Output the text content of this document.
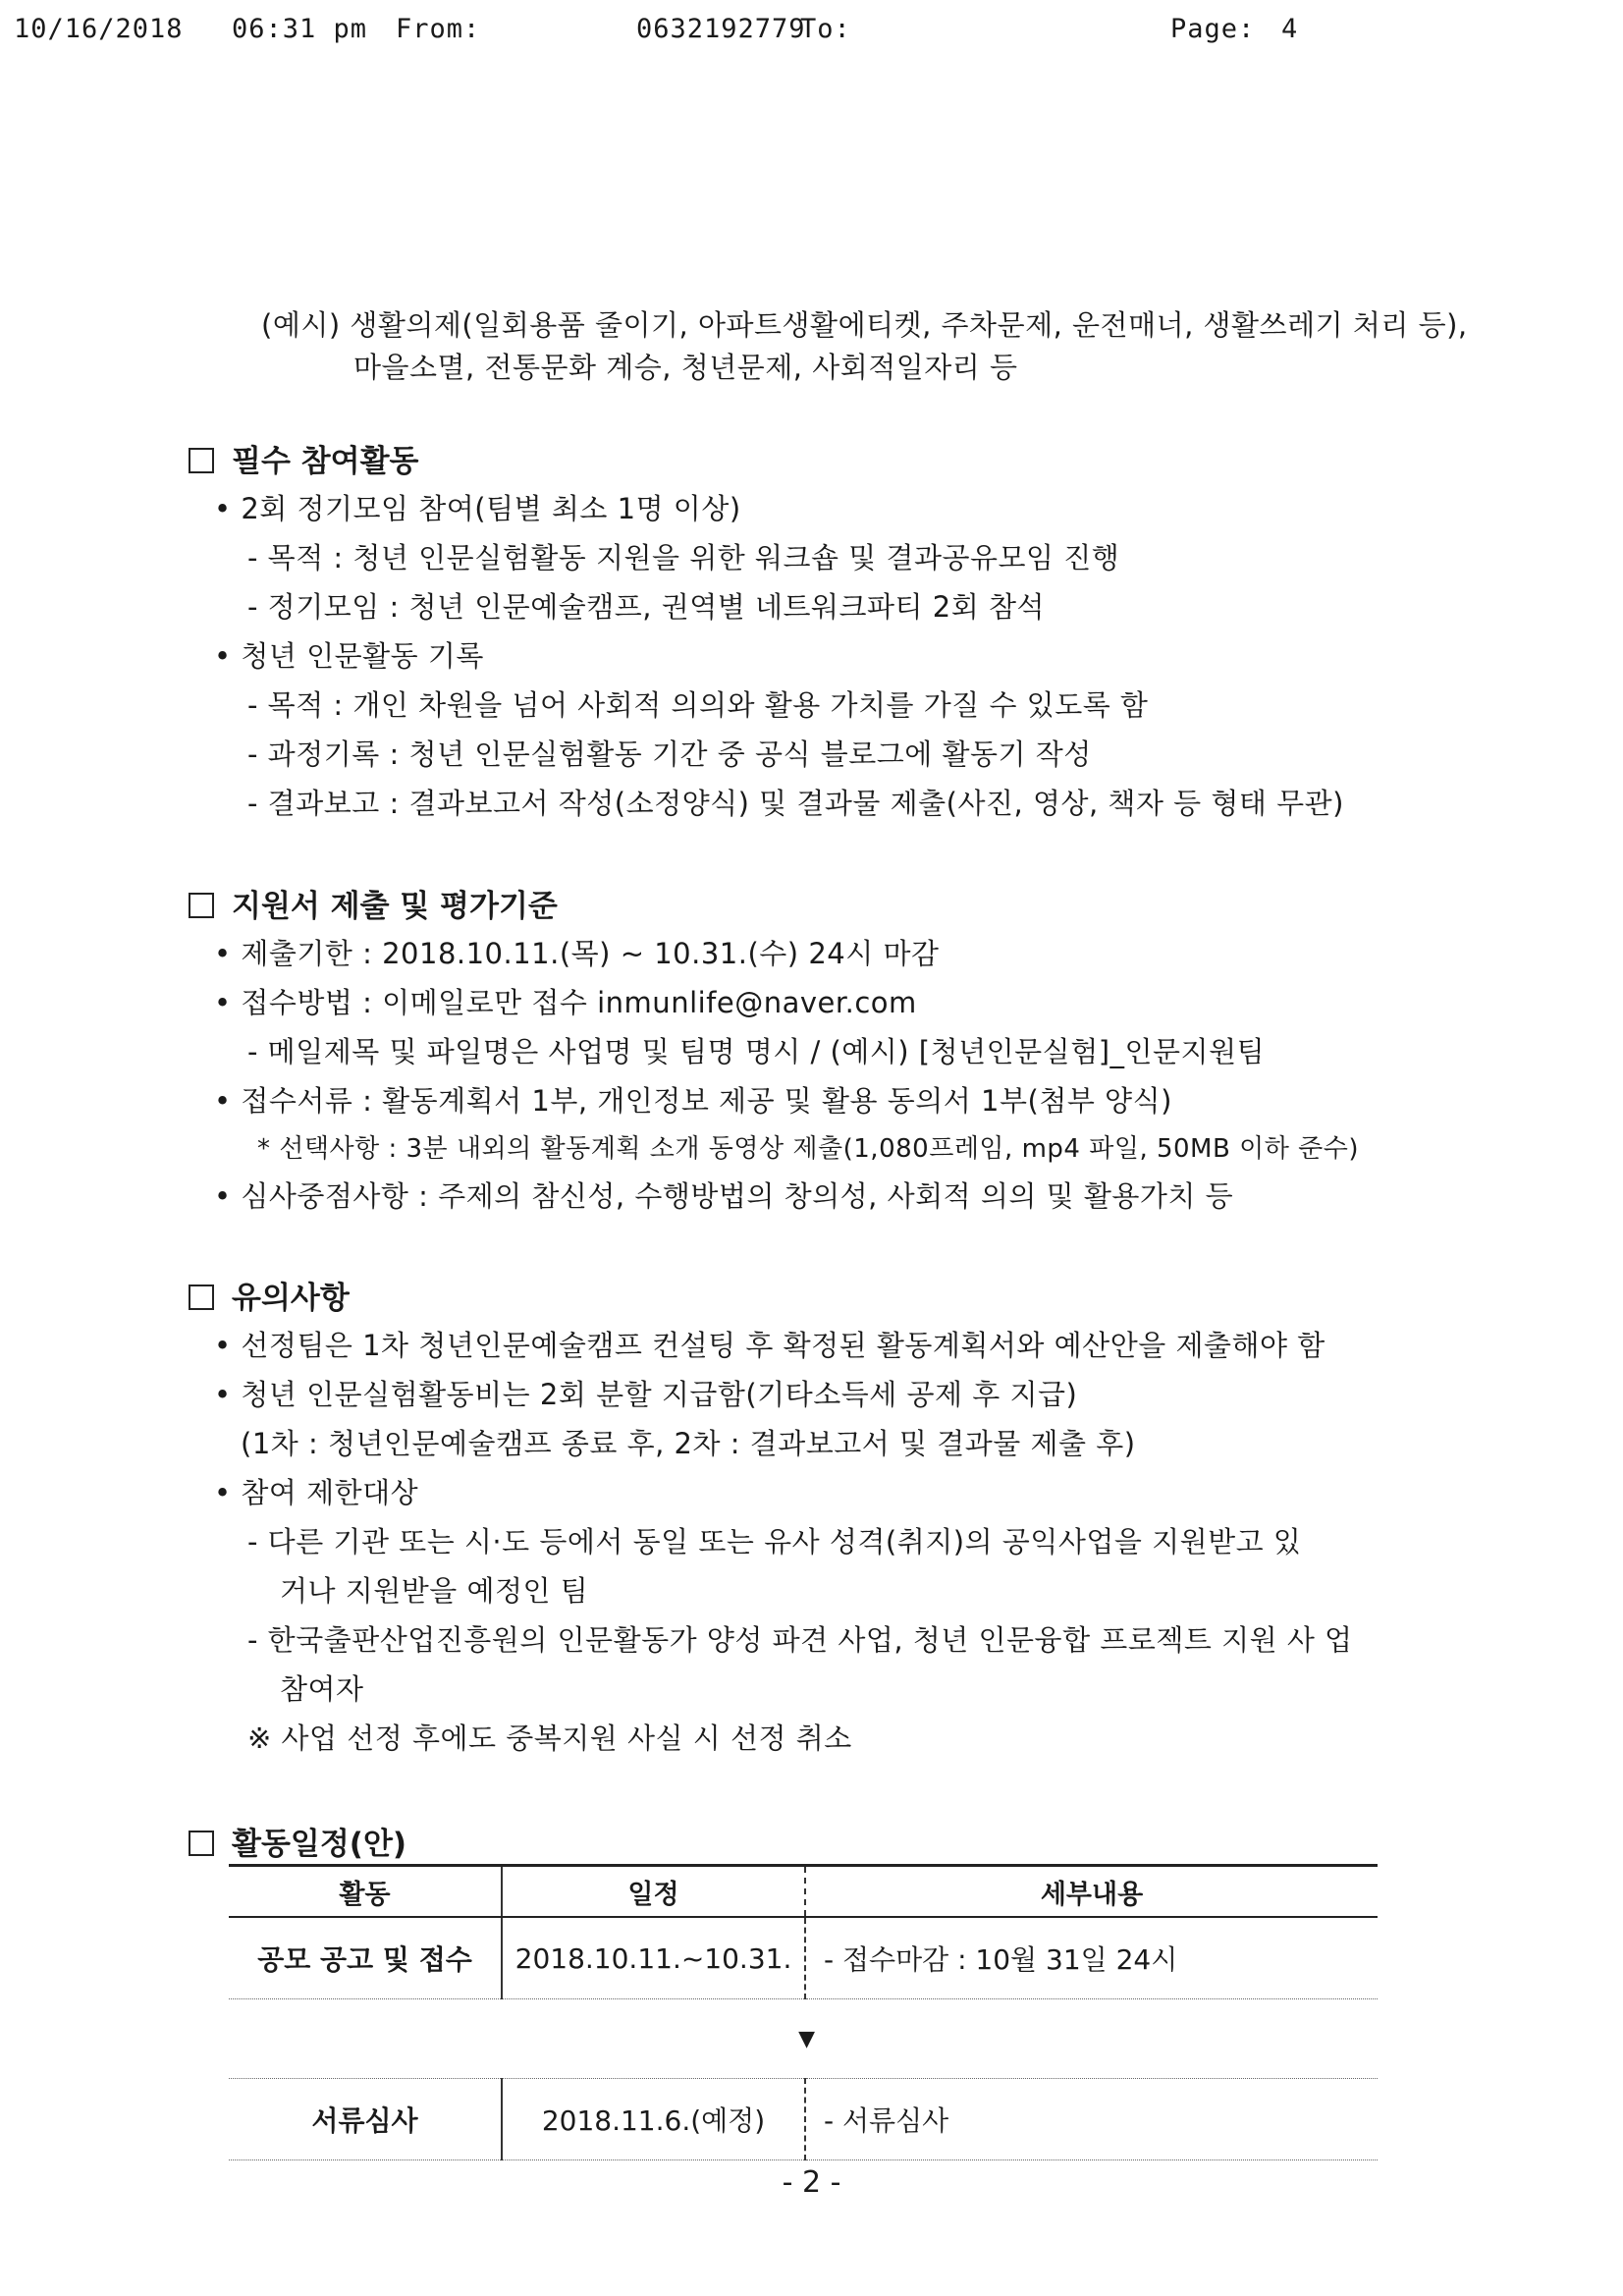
10/16/2018 06:31 pm From:	0632192779
To:	Page: 4
(예시) 생활의제(일회용품 줄이기, 아파트생활에티켓, 주차문제, 운전매너, 생활쓰레기 처리 등),
마을소멸, 전통문화 계승, 청년문제, 사회적일자리 등
필수 참여활동
• 2회 정기모임 참여(팀별 최소 1명 이상)
- 목적 : 청년 인문실험활동 지원을 위한 워크숍 및 결과공유모임 진행
- 정기모임 : 청년 인문예술캠프, 권역별 네트워크파티 2회 참석
• 청년 인문활동 기록
- 목적 : 개인 차원을 넘어 사회적 의의와 활용 가치를 가질 수 있도록 함
- 과정기록 : 청년 인문실험활동 기간 중 공식 블로그에 활동기 작성
- 결과보고 : 결과보고서 작성(소정양식) 및 결과물 제출(사진, 영상, 책자 등 형태 무관)
지원서 제출 및 평가기준
• 제출기한 : 2018.10.11.(목) ~ 10.31.(수) 24시 마감
• 접수방법 : 이메일로만 접수 inmunlife@naver.com
- 메일제목 및 파일명은 사업명 및 팀명 명시 / (예시) [청년인문실험]_인문지원팀
• 접수서류 : 활동계획서 1부, 개인정보 제공 및 활용 동의서 1부(첨부 양식)
* 선택사항 : 3분 내외의 활동계획 소개 동영상 제출(1,080프레임, mp4 파일, 50MB 이하 준수)
• 심사중점사항 : 주제의 참신성, 수행방법의 창의성, 사회적 의의 및 활용가치 등
유의사항
• 선정팀은 1차 청년인문예술캠프 컨설팅 후 확정된 활동계획서와 예산안을 제출해야 함
• 청년 인문실험활동비는 2회 분할 지급함(기타소득세 공제 후 지급)
(1차 : 청년인문예술캠프 종료 후, 2차 : 결과보고서 및 결과물 제출 후)
• 참여 제한대상
- 다른 기관 또는 시·도 등에서 동일 또는 유사 성격(취지)의 공익사업을 지원받고 있
거나 지원받을 예정인 팀
- 한국출판산업진흥원의 인문활동가 양성 파견 사업, 청년 인문융합 프로젝트 지원 사 업
참여자
※ 사업 선정 후에도 중복지원 사실 시 선정 취소
활동일정(안)
활동	일정	세부내용
공모 공고 및 접수	2018.10.11.~10.31.	- 접수마감 : 10월 31일 24시
	▼	
서류심사	2018.11.6.(예정)	- 서류심사
- 2 -
